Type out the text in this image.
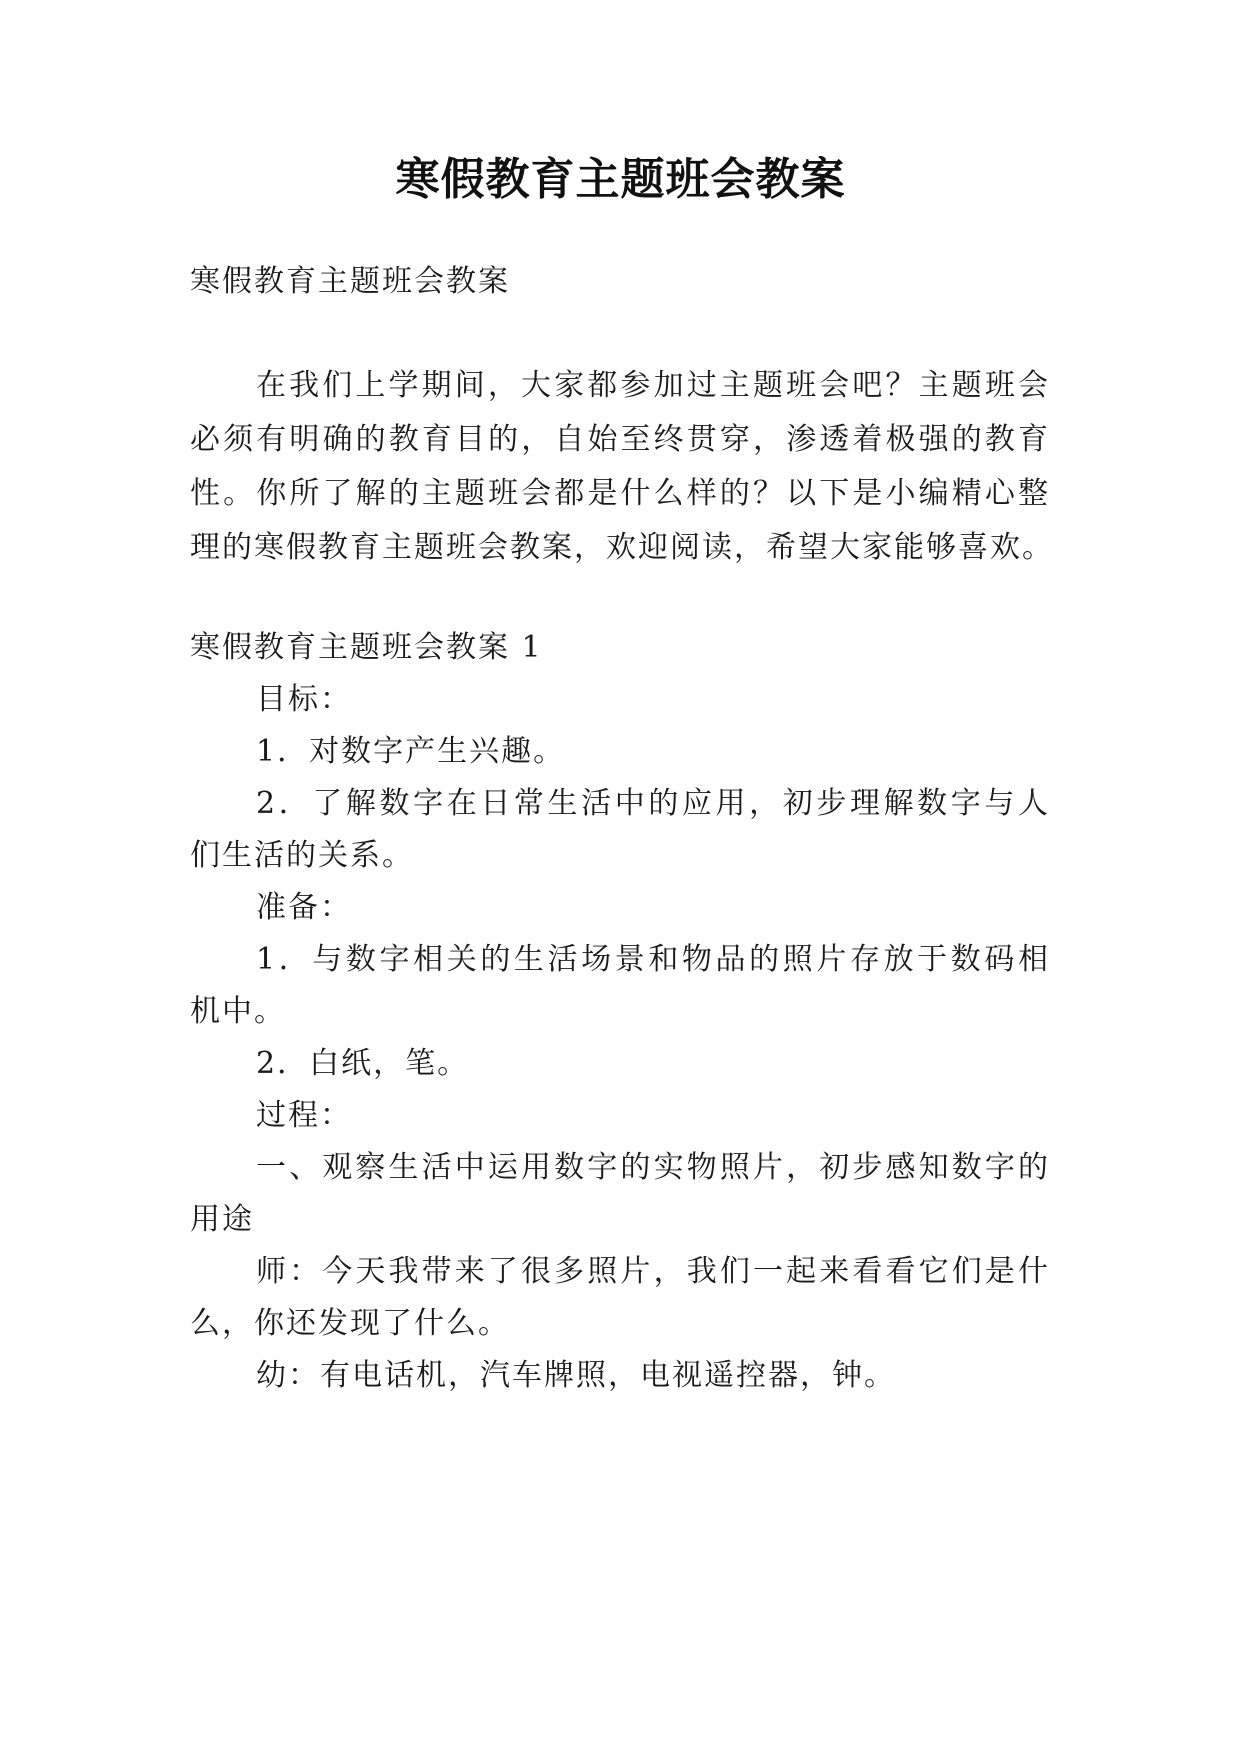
寒假教育主题班会教案
寒假教育主题班会教案
在我们上学期间，大家都参加过主题班会吧？主题班会
必须有明确的教育目的，自始至终贯穿，渗透着极强的教育
性。你所了解的主题班会都是什么样的？以下是小编精心整
理的寒假教育主题班会教案，欢迎阅读，希望大家能够喜欢。
寒假教育主题班会教案 1
目标：
1．对数字产生兴趣。
2．了解数字在日常生活中的应用，初步理解数字与人
们生活的关系。
准备：
1．与数字相关的生活场景和物品的照片存放于数码相
机中。
2．白纸，笔。
过程：
一、观察生活中运用数字的实物照片，初步感知数字的
用途
师：今天我带来了很多照片，我们一起来看看它们是什
么，你还发现了什么。
幼：有电话机，汽车牌照，电视遥控器，钟。
